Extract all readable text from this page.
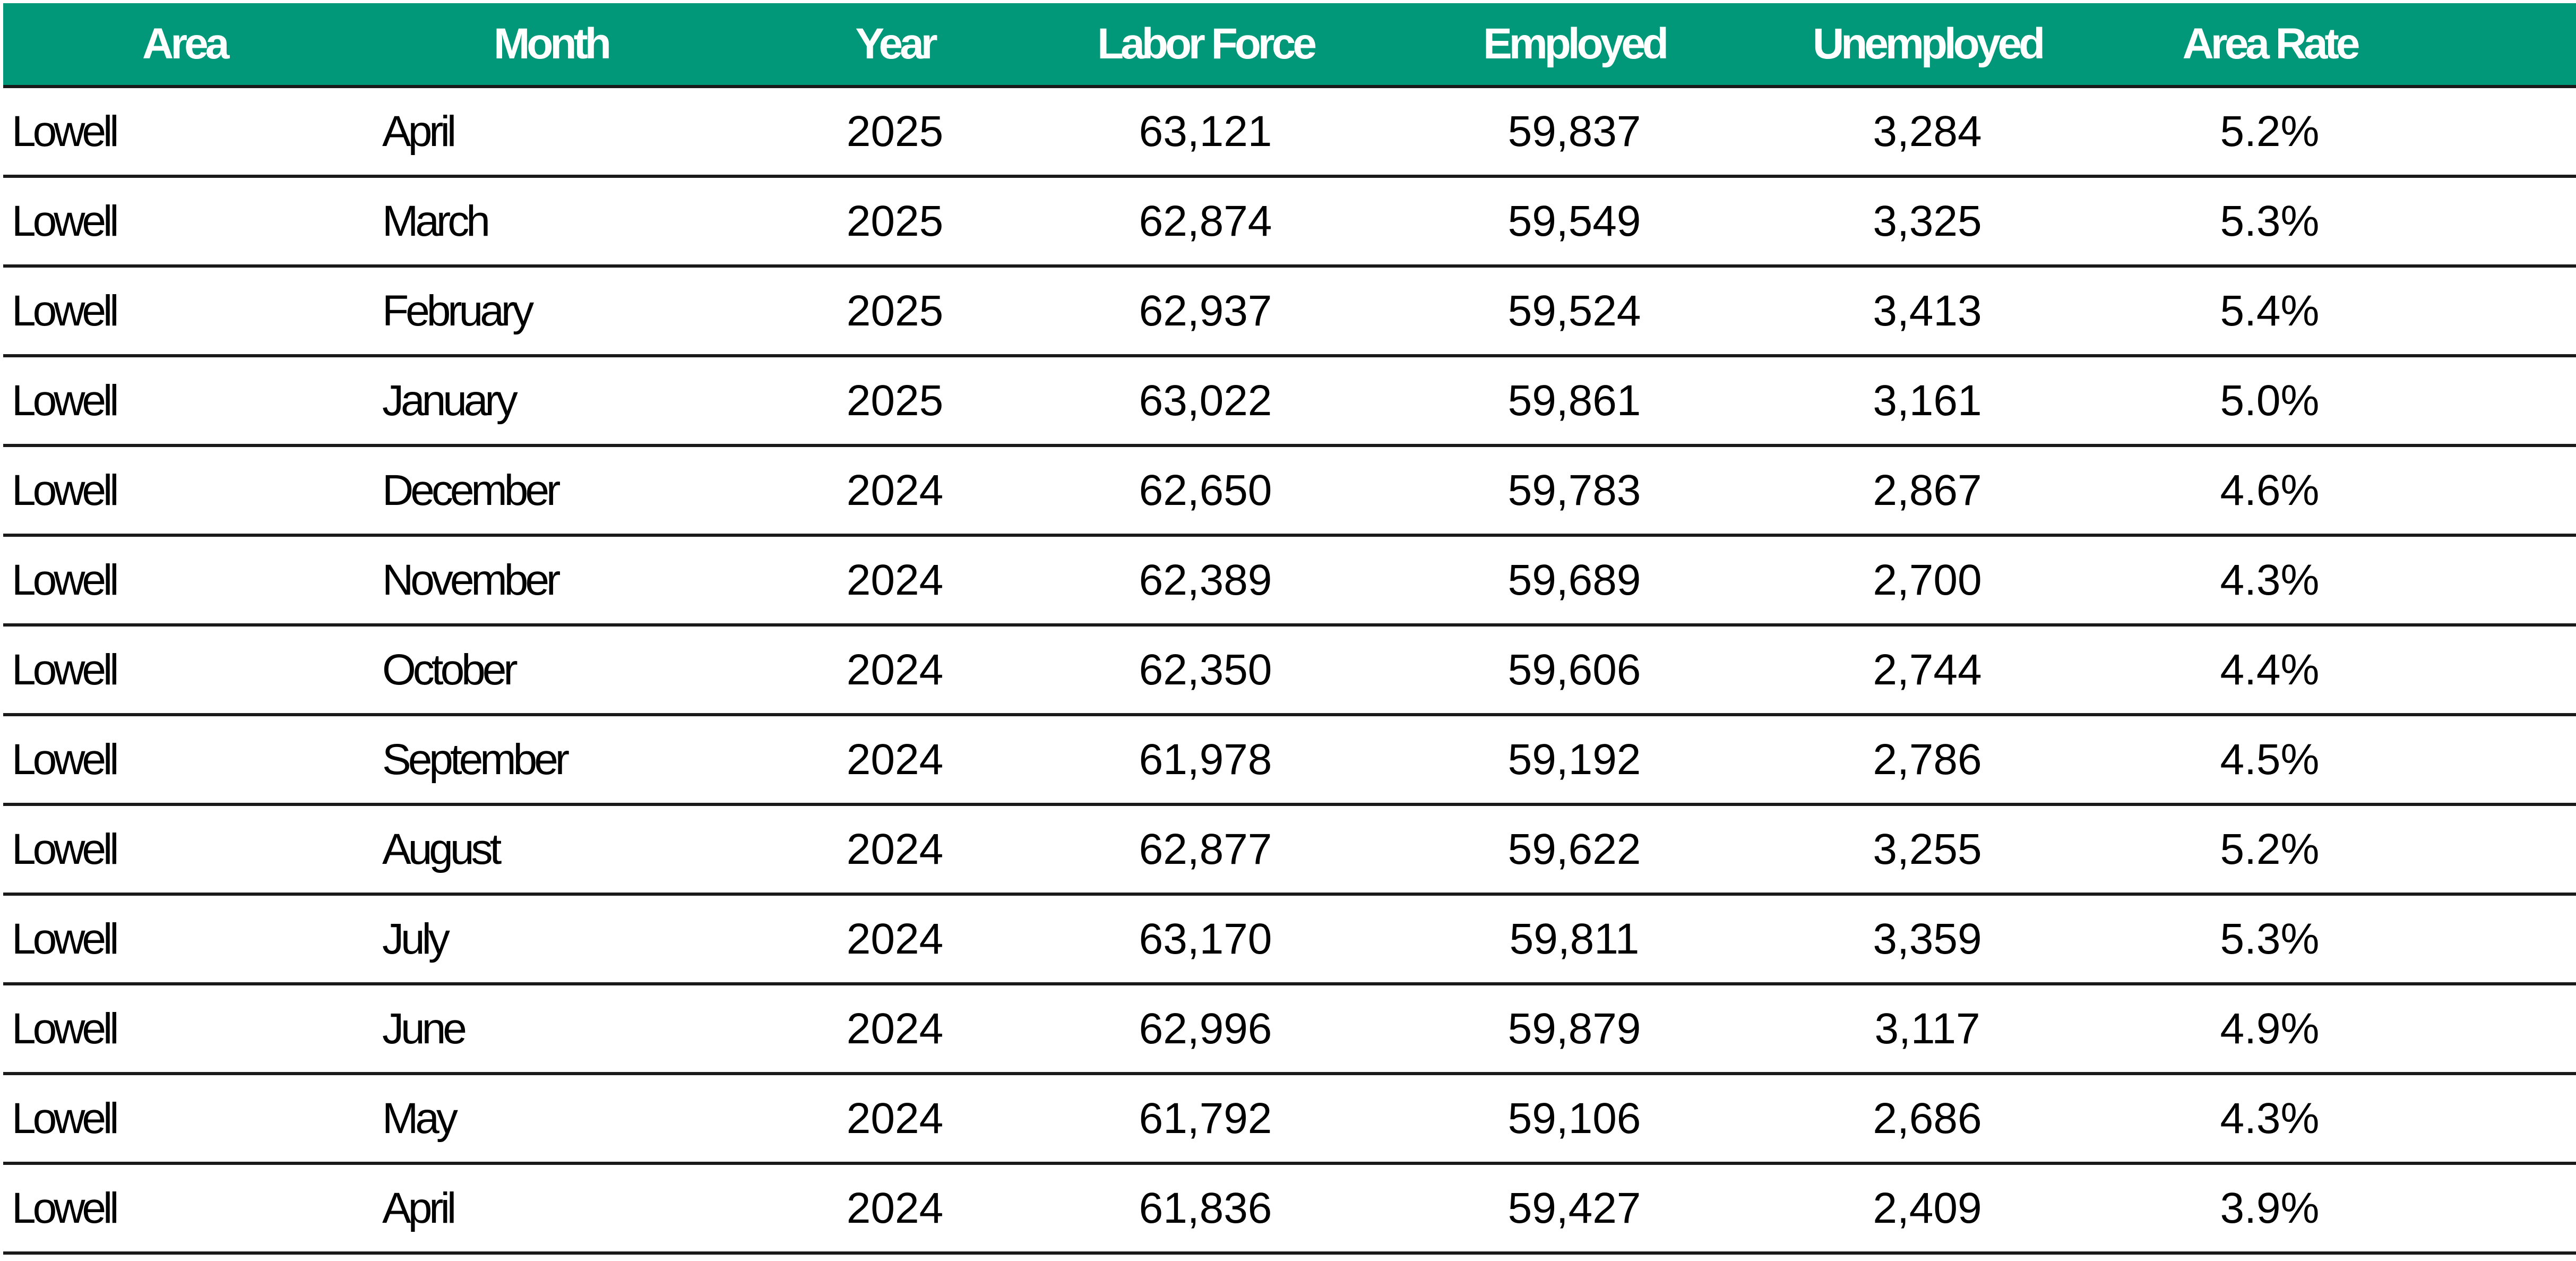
Area	Month	Year	Labor Force	Employed	Unemployed	Area Rate
Lowell	April	2025	63,121	59,837	3,284	5.2%
Lowell	March	2025	62,874	59,549	3,325	5.3%
Lowell	February	2025	62,937	59,524	3,413	5.4%
Lowell	January	2025	63,022	59,861	3,161	5.0%
Lowell	December	2024	62,650	59,783	2,867	4.6%
Lowell	November	2024	62,389	59,689	2,700	4.3%
Lowell	October	2024	62,350	59,606	2,744	4.4%
Lowell	September	2024	61,978	59,192	2,786	4.5%
Lowell	August	2024	62,877	59,622	3,255	5.2%
Lowell	July	2024	63,170	59,811	3,359	5.3%
Lowell	June	2024	62,996	59,879	3,117	4.9%
Lowell	May	2024	61,792	59,106	2,686	4.3%
Lowell	April	2024	61,836	59,427	2,409	3.9%
